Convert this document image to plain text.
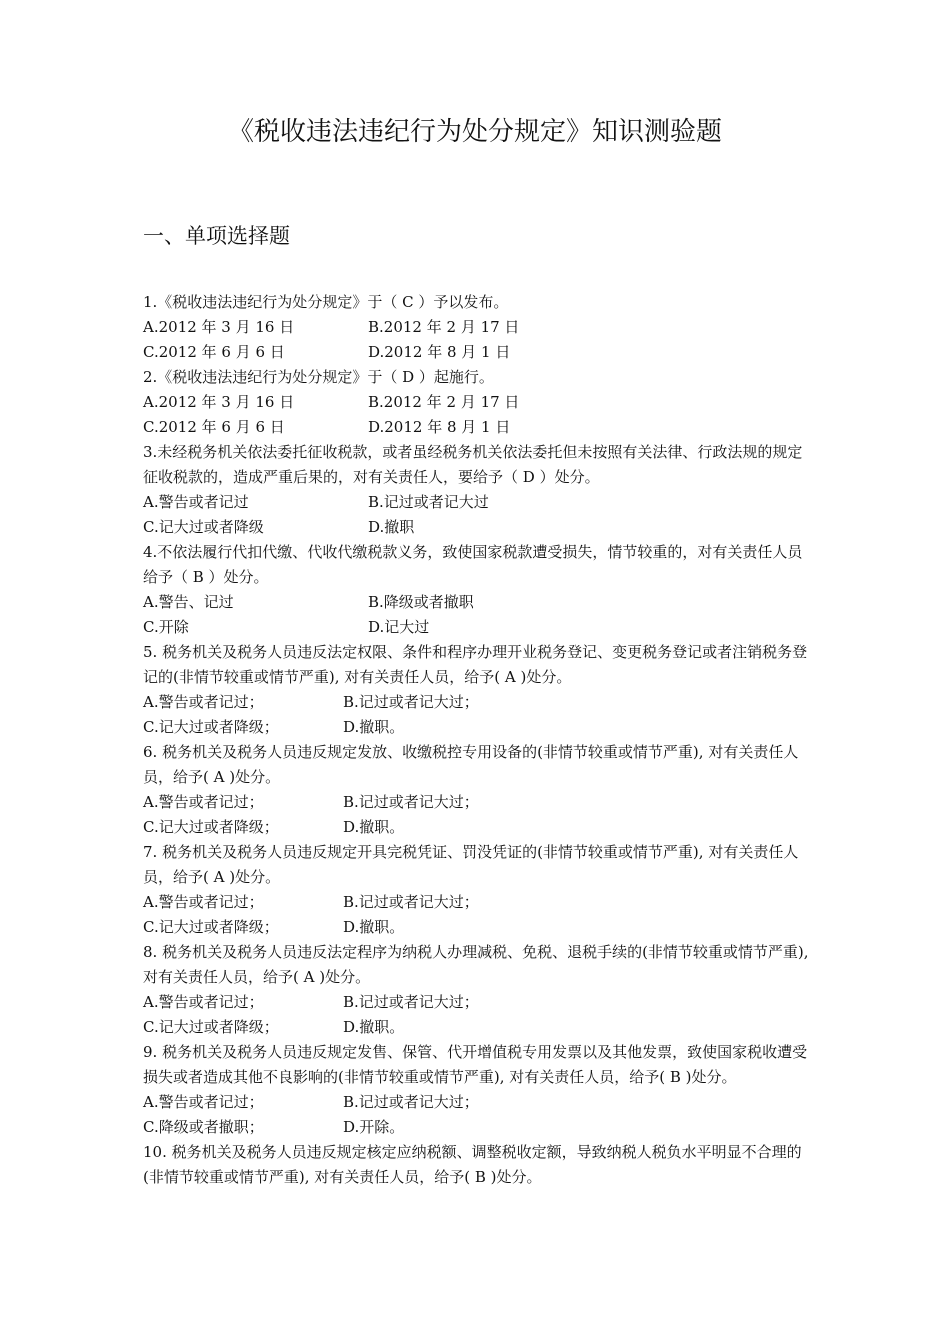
《税收违法违纪行为处分规定》知识测验题
一、单项选择题

1.《税收违法违纪行为处分规定》于（ C ）予以发布。

A.2012 年 3 月 16 日	B.2012 年 2 月 17 日
C.2012 年 6 月 6 日	D.2012 年 8 月 1 日

2.《税收违法违纪行为处分规定》于（ D ）起施行。

A.2012 年 3 月 16 日	B.2012 年 2 月 17 日
C.2012 年 6 月 6 日	D.2012 年 8 月 1 日

3.未经税务机关依法委托征收税款，或者虽经税务机关依法委托但未按照有关法律、行政法规的规定征收税款的，造成严重后果的，对有关责任人，要给予（ D ）处分。

A.警告或者记过	B.记过或者记大过
C.记大过或者降级	D.撤职

4.不依法履行代扣代缴、代收代缴税款义务，致使国家税款遭受损失，情节较重的，对有关责任人员给予（ B ）处分。

A.警告、记过	B.降级或者撤职
C.开除	D.记大过

5. 税务机关及税务人员违反法定权限、条件和程序办理开业税务登记、变更税务登记或者注销税务登记的(非情节较重或情节严重), 对有关责任人员，给予( A )处分。

A.警告或者记过；	B.记过或者记大过；
C.记大过或者降级；	D.撤职。

6. 税务机关及税务人员违反规定发放、收缴税控专用设备的(非情节较重或情节严重), 对有关责任人员，给予( A )处分。

A.警告或者记过；	B.记过或者记大过；
C.记大过或者降级；	D.撤职。

7. 税务机关及税务人员违反规定开具完税凭证、罚没凭证的(非情节较重或情节严重), 对有关责任人员，给予( A )处分。

A.警告或者记过；	B.记过或者记大过；
C.记大过或者降级；	D.撤职。

8. 税务机关及税务人员违反法定程序为纳税人办理减税、免税、退税手续的(非情节较重或情节严重), 对有关责任人员，给予( A )处分。

A.警告或者记过；	B.记过或者记大过；
C.记大过或者降级；	D.撤职。

9. 税务机关及税务人员违反规定发售、保管、代开增值税专用发票以及其他发票，致使国家税收遭受损失或者造成其他不良影响的(非情节较重或情节严重), 对有关责任人员，给予( B )处分。

A.警告或者记过；	B.记过或者记大过；
C.降级或者撤职；	D.开除。

10. 税务机关及税务人员违反规定核定应纳税额、调整税收定额，导致纳税人税负水平明显不合理的(非情节较重或情节严重), 对有关责任人员，给予( B )处分。
